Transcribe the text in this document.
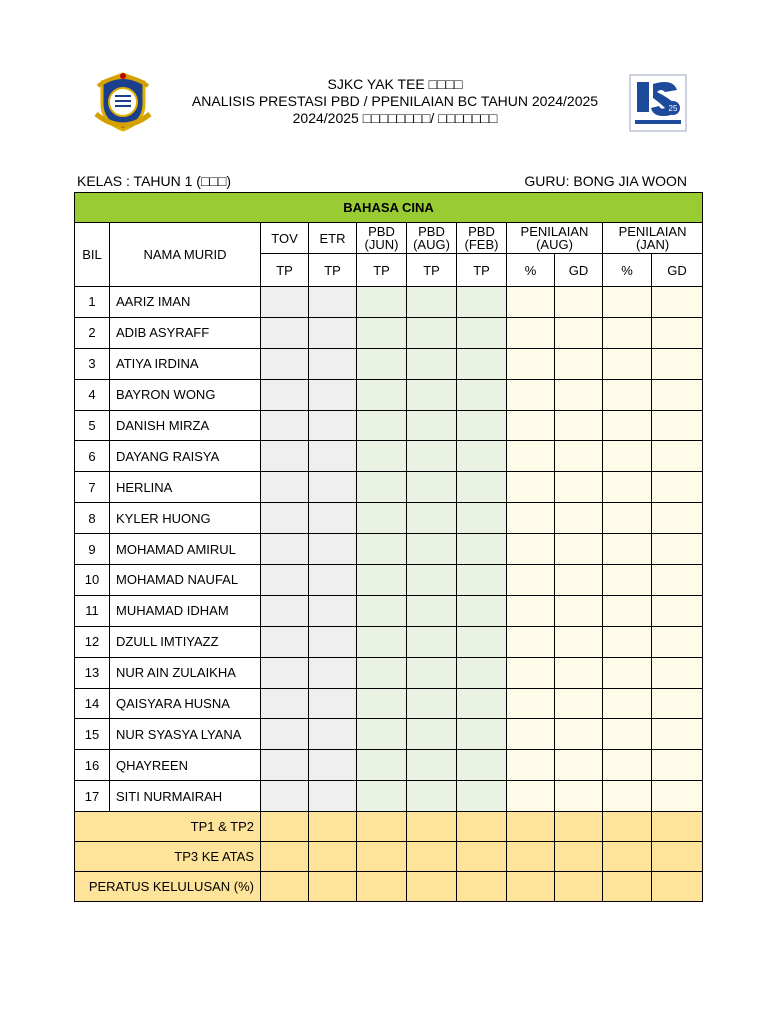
25
SJKC YAK TEE □□□□
ANALISIS PRESTASI PBD / PPENILAIAN BC TAHUN 2024/2025
2024/2025 □□□□□□□□/ □□□□□□□
KELAS : TAHUN 1 (□□□)	GURU: BONG JIA WOON
BAHASA CINA										
BIL	NAMA MURID	TOV	ETR	PBD (JUN)	PBD (AUG)	PBD (FEB)	PENILAIAN (AUG)		PENILAIAN (JAN)	
		TP	TP	TP	TP	TP	%	GD	%	GD
1	AARIZ IMAN									
2	ADIB ASYRAFF									
3	ATIYA IRDINA									
4	BAYRON WONG									
5	DANISH MIRZA									
6	DAYANG RAISYA									
7	HERLINA									
8	KYLER HUONG									
9	MOHAMAD AMIRUL									
10	MOHAMAD NAUFAL									
11	MUHAMAD IDHAM									
12	DZULL IMTIYAZZ									
13	NUR AIN ZULAIKHA									
14	QAISYARA HUSNA									
15	NUR SYASYA LYANA									
16	QHAYREEN									
17	SITI NURMAIRAH									
TP1 & TP2										
TP3 KE ATAS										
PERATUS KELULUSAN (%)										
